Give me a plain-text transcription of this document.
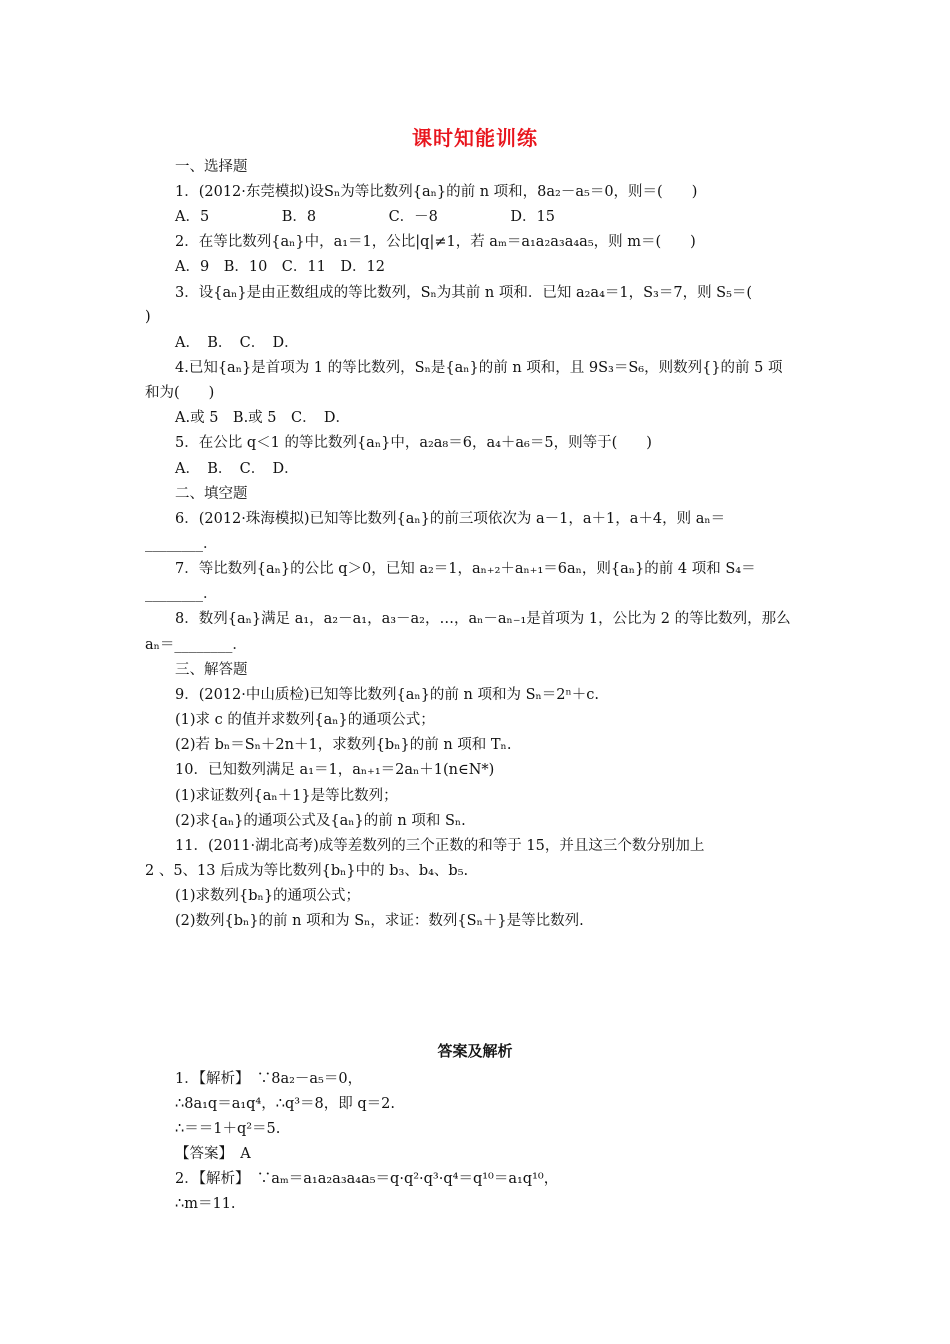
课时知能训练
一、选择题
1．(2012·东莞模拟)设Sₙ为等比数列{aₙ}的前 n 项和，8a₂－a₅＝0，则＝(　　)
A．5　　　　　B．8　　　　　C．－8　　　　　D．15
2．在等比数列{aₙ}中，a₁＝1，公比|q|≠1，若 aₘ＝a₁a₂a₃a₄a₅，则 m＝(　　)
A．9　B．10　C．11　D．12
3．设{aₙ}是由正数组成的等比数列，Sₙ为其前 n 项和．已知 a₂a₄＝1，S₃＝7，则 S₅＝(
)
A．　B．　C．　D．
4.已知{aₙ}是首项为 1 的等比数列，Sₙ是{aₙ}的前 n 项和，且 9S₃＝S₆，则数列{}的前 5 项
和为(　　)
A.或 5　B.或 5　C．　D．
5．在公比 q＜1 的等比数列{aₙ}中，a₂a₈＝6，a₄＋a₆＝5，则等于(　　)
A．　B．　C．　D．
二、填空题
6．(2012·珠海模拟)已知等比数列{aₙ}的前三项依次为 a－1，a＋1，a＋4，则 aₙ＝
________．
7．等比数列{aₙ}的公比 q＞0，已知 a₂＝1，aₙ₊₂＋aₙ₊₁＝6aₙ，则{aₙ}的前 4 项和 S₄＝
________．
8．数列{aₙ}满足 a₁，a₂－a₁，a₃－a₂，…，aₙ－aₙ₋₁是首项为 1，公比为 2 的等比数列，那么
aₙ＝________．
三、解答题
9．(2012·中山质检)已知等比数列{aₙ}的前 n 项和为 Sₙ＝2ⁿ＋c.
(1)求 c 的值并求数列{aₙ}的通项公式；
(2)若 bₙ＝Sₙ＋2n＋1，求数列{bₙ}的前 n 项和 Tₙ.
10．已知数列满足 a₁＝1，aₙ₊₁＝2aₙ＋1(n∈N*)
(1)求证数列{aₙ＋1}是等比数列；
(2)求{aₙ}的通项公式及{aₙ}的前 n 项和 Sₙ.
11．(2011·湖北高考)成等差数列的三个正数的和等于 15，并且这三个数分别加上
2 、5、13 后成为等比数列{bₙ}中的 b₃、b₄、b₅.
(1)求数列{bₙ}的通项公式；
(2)数列{bₙ}的前 n 项和为 Sₙ，求证：数列{Sₙ＋}是等比数列.
答案及解析
1．【解析】　∵8a₂－a₅＝0，
∴8a₁q＝a₁q⁴，∴q³＝8，即 q＝2.
∴＝＝1＋q²＝5.
【答案】　A
2．【解析】　∵aₘ＝a₁a₂a₃a₄a₅＝q·q²·q³·q⁴＝q¹⁰＝a₁q¹⁰，
∴m＝11.
